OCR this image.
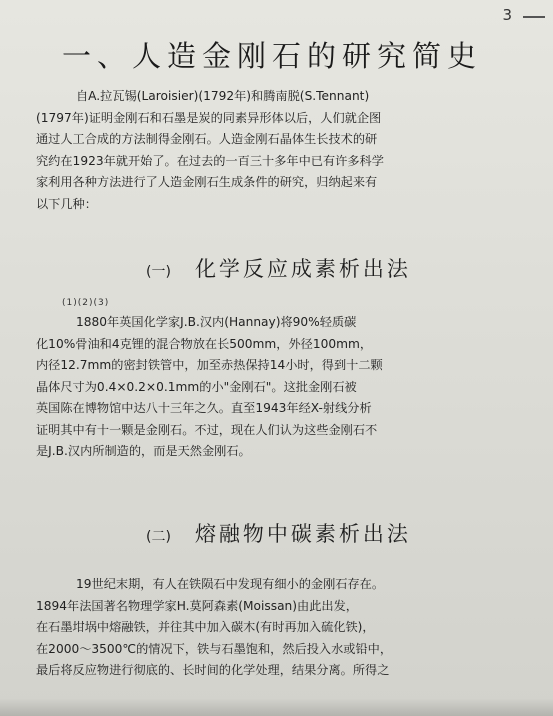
3
一、人造金刚石的研究简史
自A.拉瓦锡(Laroisier)(1792年)和腾南脱(S.Tennant)
(1797年)证明金刚石和石墨是炭的同素异形体以后，人们就企图
通过人工合成的方法制得金刚石。人造金刚石晶体生长技术的研
究约在1923年就开始了。在过去的一百三十多年中已有许多科学
家利用各种方法进行了人造金刚石生成条件的研究，归纳起来有
以下几种：
(一) 化学反应成素析出法
(1)(2)(3)
1880年英国化学家J.B.汉内(Hannay)将90%轻质碳
化10%骨油和4克锂的混合物放在长500mm，外径100mm，
内径12.7mm的密封铁管中，加至赤热保持14小时，得到十二颗
晶体尺寸为0.4×0.2×0.1mm的小"金刚石"。这批金刚石被
英国陈在博物馆中达八十三年之久。直至1943年经X-射线分析
证明其中有十一颗是金刚石。不过，现在人们认为这些金刚石不
是J.B.汉内所制造的，而是天然金刚石。
(二) 熔融物中碳素析出法
19世纪末期，有人在铁陨石中发现有细小的金刚石存在。
1894年法国著名物理学家H.莫阿森素(Moissan)由此出发，
在石墨坩埚中熔融铁，并往其中加入碳木(有时再加入硫化铁)，
在2000～3500℃的情况下，铁与石墨饱和，然后投入水或铅中，
最后将反应物进行彻底的、长时间的化学处理，结果分离。所得之
